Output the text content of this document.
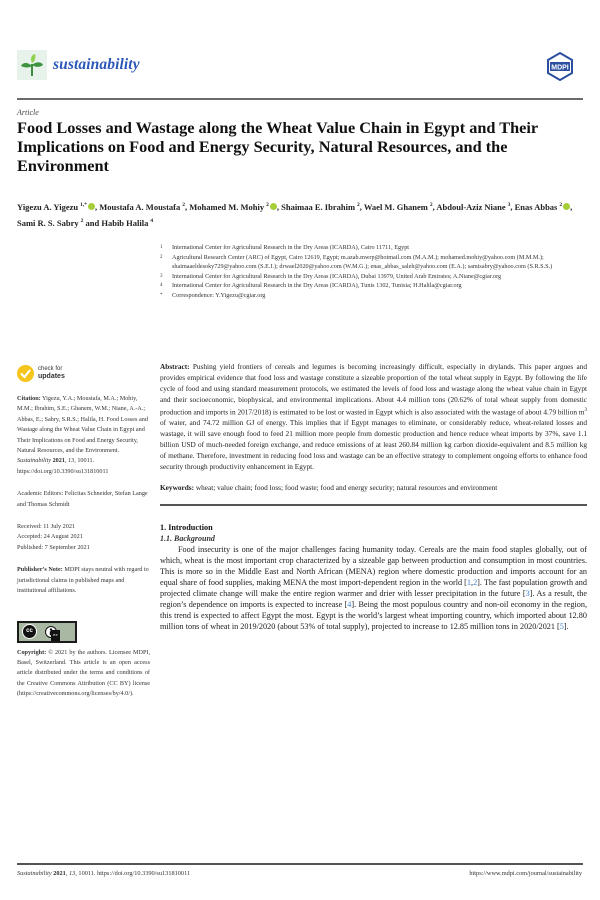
sustainability	MDPI
Article
Food Losses and Wastage along the Wheat Value Chain in Egypt and Their Implications on Food and Energy Security, Natural Resources, and the Environment
Yigezu A. Yigezu $^{1,*}$ , Moustafa A. Moustafa $^2$, Mohamed M. Mohiy $^2$ , Shaimaa E. Ibrahim $^2$, Wael M. Ghanem $^2$, Abdoul-Aziz Niane $^3$, Enas Abbas $^2$ , Sami R. S. Sabry $^2$ and Habib Halila $^4$
1	International Center for Agricultural Research in the Dry Areas (ICARDA), Cairo 11711, Egypt
2	Agricultural Research Center (ARC) of Egypt, Cairo 12619, Egypt; m.azab.mwrp@hotmail.com (M.A.M.); mohamed.mohiy@yahoo.com (M.M.M.); shaimaaeldesoky729@yahoo.com (S.E.I.); drwael2020@yahoo.com (W.M.G.); enas_abbas_saleh@yahoo.com (E.A.); samisabry@yahoo.com (S.R.S.S.)
3	International Center for Agricultural Research in the Dry Areas (ICARDA), Dubai 13979, United Arab Emirates; A.Niane@cgiar.org
4	International Center for Agricultural Research in the Dry Areas (ICARDA), Tunis 1302, Tunisia; H.Halila@cgiar.org
*	Correspondence: Y.Yigezu@cgiar.org
check for
updates
Citation: Yigezu, Y.A.; Moustafa, M.A.; Mohiy, M.M.; Ibrahim, S.E.; Ghanem, W.M.; Niane, A.-A.; Abbas, E.; Sabry, S.R.S.; Halila, H. Food Losses and Wastage along the Wheat Value Chain in Egypt and Their Implications on Food and Energy Security, Natural Resources, and the Environment. Sustainability 2021, 13, 10011. https://doi.org/10.3390/su131810011
Academic Editors: Felicitas Schneider, Stefan Lange and Thomas Schmidt
Received: 11 July 2021
Accepted: 24 August 2021
Published: 7 September 2021
Publisher’s Note: MDPI stays neutral with regard to jurisdictional claims in published maps and institutional affiliations.
cc
BY
Copyright: © 2021 by the authors. Licensee MDPI, Basel, Switzerland. This article is an open access article distributed under the terms and conditions of the Creative Commons Attribution (CC BY) license (https://creativecommons.org/licenses/by/4.0/).

Abstract: Pushing yield frontiers of cereals and legumes is becoming increasingly difficult, especially in drylands. This paper argues and provides empirical evidence that food loss and wastage constitute a sizeable proportion of the total wheat supply in Egypt. By following the life cycle of food and using standard measurement protocols, we estimated the levels of food loss and wastage along the wheat value chain in Egypt and their socioeconomic, biophysical, and environmental implications. About 4.4 million tons (20.62% of total wheat supply from domestic production and imports in 2017/2018) is estimated to be lost or wasted in Egypt which is also associated with the wastage of about 4.79 billion $m^3$ of water, and 74.72 million GJ of energy. This implies that if Egypt manages to eliminate, or considerably reduce, wheat-related losses and wastage, it will save enough food to feed 21 million more people from domestic production and hence reduce wheat imports by 37%, save 1.1 billion USD of much-needed foreign exchange, and reduce emissions of at least 260.84 million kg carbon dioxide-equivalent and 8.5 million kg of methane. Therefore, investment in reducing food loss and wastage can be an effective strategy to complement ongoing efforts to enhance food security through productivity enhancement in Egypt.

Keywords: wheat; value chain; food loss; food waste; food and energy security; natural resources and environment

1. Introduction
1.1. Background

Food insecurity is one of the major challenges facing humanity today. Cereals are the main food staples globally, out of which, wheat is the most important crop characterized by a sizeable gap between production and consumption in most countries. This is more so in the Middle East and North African (MENA) region where domestic production and imports account for an equal share of food supplies, making MENA the most import-dependent region in the world [1,2]. The fast population growth and projected climate change will make the entire region warmer and drier with lesser precipitation in the future [3]. As a result, the region’s dependence on imports is expected to increase [4]. Being the most populous country and non-oil economy in the region, this trend is expected to affect Egypt the most. Egypt is the world’s largest wheat importing country, which imported about 12.80 million tons of wheat in 2019/2020 (about 53% of total supply), projected to increase to 12.85 million tons in 2020/2021 [5].

Sustainability 2021, 13, 10011. https://doi.org/10.3390/su131810011	https://www.mdpi.com/journal/sustainability
